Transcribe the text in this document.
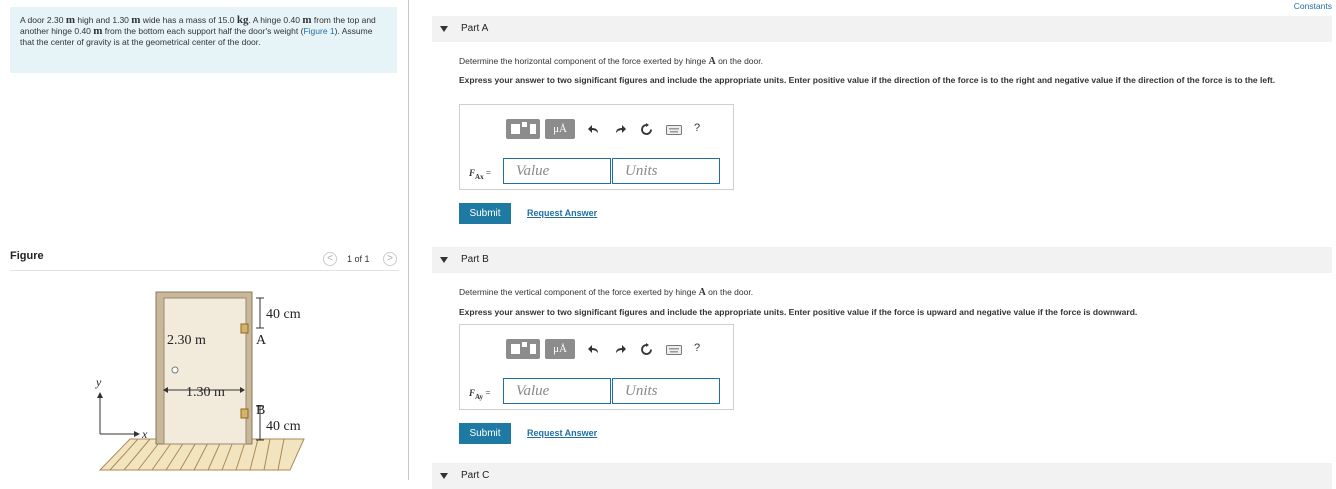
Constants
A door 2.30 m high and 1.30 m wide has a mass of 15.0 kg. A hinge 0.40 m from the top and another hinge 0.40 m from the bottom each support half the door's weight (Figure 1). Assume that the center of gravity is at the geometrical center of the door.
Figure	<	1 of 1	>
40 cm
A
2.30 m
1.30 m
B
40 cm
y
x
Part A
Determine the horizontal component of the force exerted by hinge A on the door.
Express your answer to two significant figures and include the appropriate units. Enter positive value if the direction of the force is to the right and negative value if the direction of the force is to the left.
μÅ	?
$F_{Ax}$ =	Value	Units
Submit	Request Answer
Part B
Determine the vertical component of the force exerted by hinge A on the door.
Express your answer to two significant figures and include the appropriate units. Enter positive value if the force is upward and negative value if the force is downward.
μÅ	?
$F_{Ay}$ =	Value	Units
Submit	Request Answer
Part C
